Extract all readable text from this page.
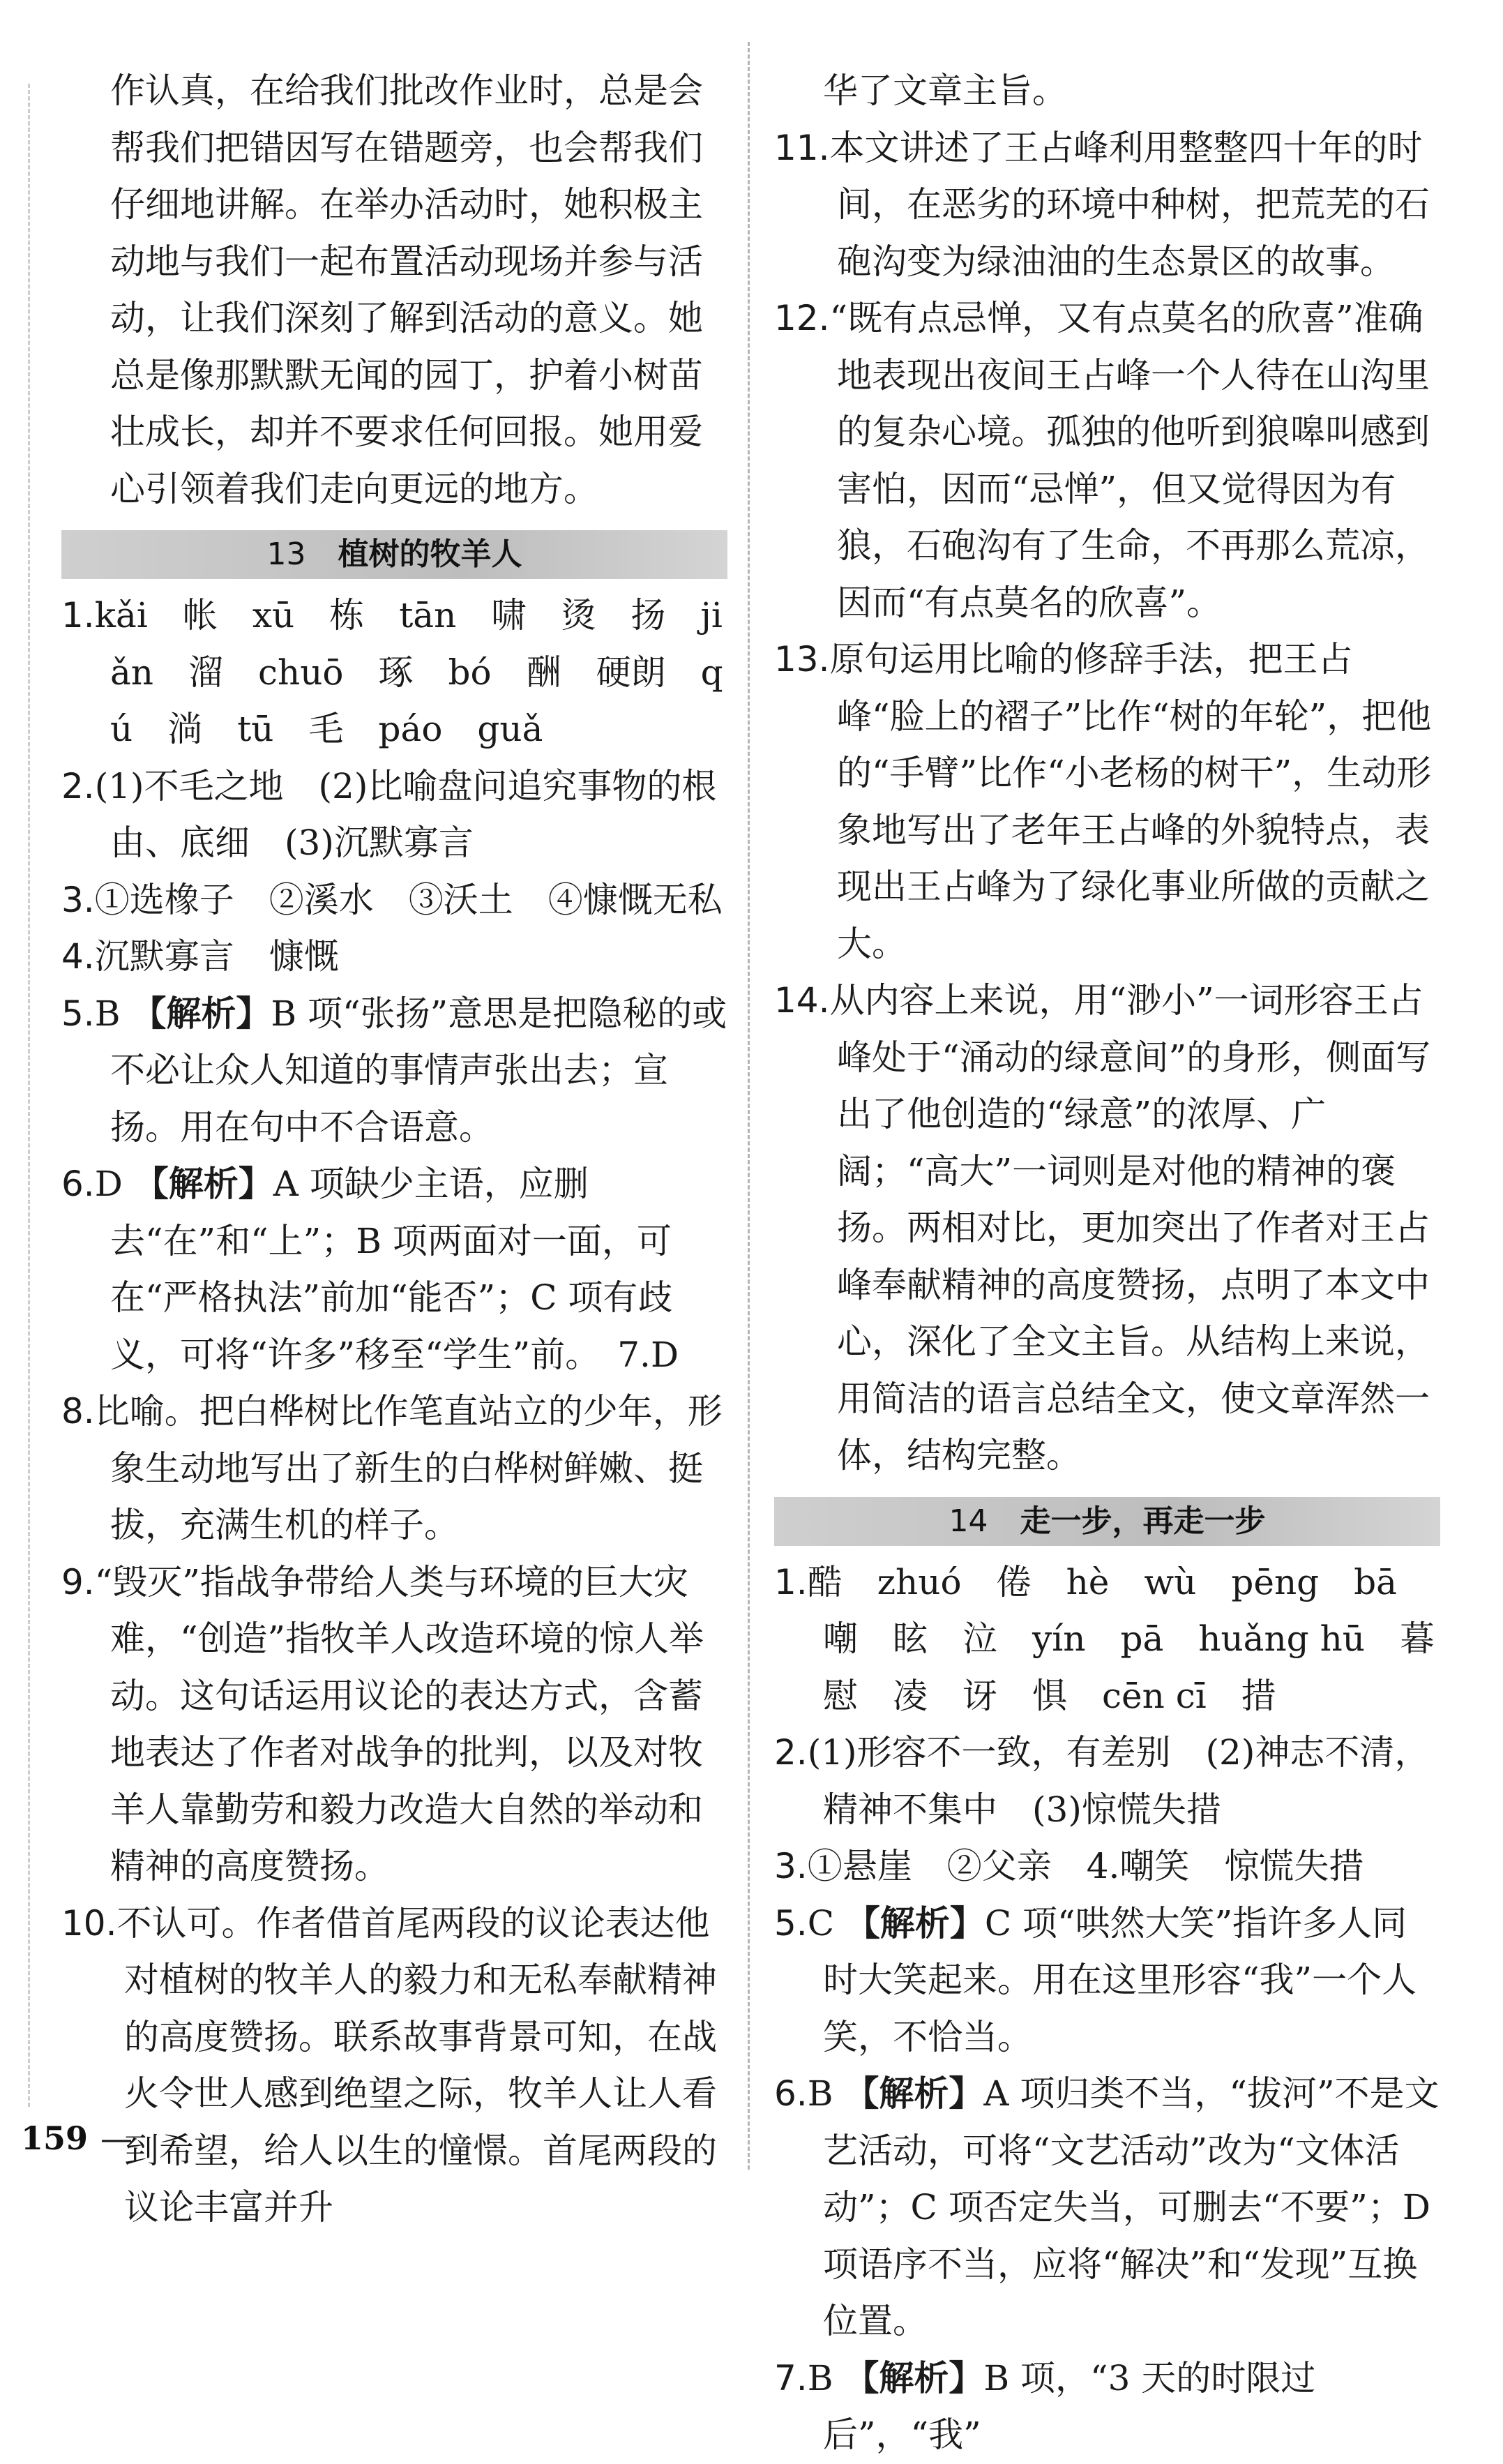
作认真，在给我们批改作业时，总是会帮我们把错因写在错题旁，也会帮我们仔细地讲解。在举办活动时，她积极主动地与我们一起布置活动现场并参与活动，让我们深刻了解到活动的意义。她总是像那默默无闻的园丁，护着小树苗壮成长，却并不要求任何回报。她用爱心引领着我们走向更远的地方。

13 植树的牧羊人

1.kǎi　帐　xū　栋　tān　啸　烫　扬　jiǎn　溜　chuō　琢　bó　酬　硬朗　qú　淌　tū　毛　páo　guǎ

2.(1)不毛之地　(2)比喻盘问追究事物的根由、底细　(3)沉默寡言

3.①选橡子　②溪水　③沃土　④慷慨无私

4.沉默寡言　慷慨

5.B 【解析】B 项“张扬”意思是把隐秘的或不必让众人知道的事情声张出去；宣扬。用在句中不合语意。

6.D 【解析】A 项缺少主语，应删去“在”和“上”；B 项两面对一面，可在“严格执法”前加“能否”；C 项有歧义，可将“许多”移至“学生”前。　7.D

8.比喻。把白桦树比作笔直站立的少年，形象生动地写出了新生的白桦树鲜嫩、挺拔，充满生机的样子。

9.“毁灭”指战争带给人类与环境的巨大灾难，“创造”指牧羊人改造环境的惊人举动。这句话运用议论的表达方式，含蓄地表达了作者对战争的批判，以及对牧羊人靠勤劳和毅力改造大自然的举动和精神的高度赞扬。

10.不认可。作者借首尾两段的议论表达他对植树的牧羊人的毅力和无私奉献精神的高度赞扬。联系故事背景可知，在战火令世人感到绝望之际，牧羊人让人看到希望，给人以生的憧憬。首尾两段的议论丰富并升

华了文章主旨。

11.本文讲述了王占峰利用整整四十年的时间，在恶劣的环境中种树，把荒芜的石砲沟变为绿油油的生态景区的故事。

12.“既有点忌惮，又有点莫名的欣喜”准确地表现出夜间王占峰一个人待在山沟里的复杂心境。孤独的他听到狼嗥叫感到害怕，因而“忌惮”，但又觉得因为有狼，石砲沟有了生命，不再那么荒凉，因而“有点莫名的欣喜”。

13.原句运用比喻的修辞手法，把王占峰“脸上的褶子”比作“树的年轮”，把他的“手臂”比作“小老杨的树干”，生动形象地写出了老年王占峰的外貌特点，表现出王占峰为了绿化事业所做的贡献之大。

14.从内容上来说，用“渺小”一词形容王占峰处于“涌动的绿意间”的身形，侧面写出了他创造的“绿意”的浓厚、广阔；“高大”一词则是对他的精神的褒扬。两相对比，更加突出了作者对王占峰奉献精神的高度赞扬，点明了本文中心，深化了全文主旨。从结构上来说，用简洁的语言总结全文，使文章浑然一体，结构完整。

14 走一步，再走一步

1.酷　zhuó　倦　hè　wù　pēng　bā　嘲　眩　泣　yín　pā　huǎng hū　暮　慰　凌　讶　惧　cēn cī　措

2.(1)形容不一致，有差别　(2)神志不清，精神不集中　(3)惊慌失措

3.①悬崖　②父亲　4.嘲笑　惊慌失措

5.C 【解析】C 项“哄然大笑”指许多人同时大笑起来。用在这里形容“我”一个人笑，不恰当。

6.B 【解析】A 项归类不当，“拔河”不是文艺活动，可将“文艺活动”改为“文体活动”；C 项否定失当，可删去“不要”；D 项语序不当，应将“解决”和“发现”互换位置。

7.B 【解析】B 项，“3 天的时限过后”，“我”

159 —
